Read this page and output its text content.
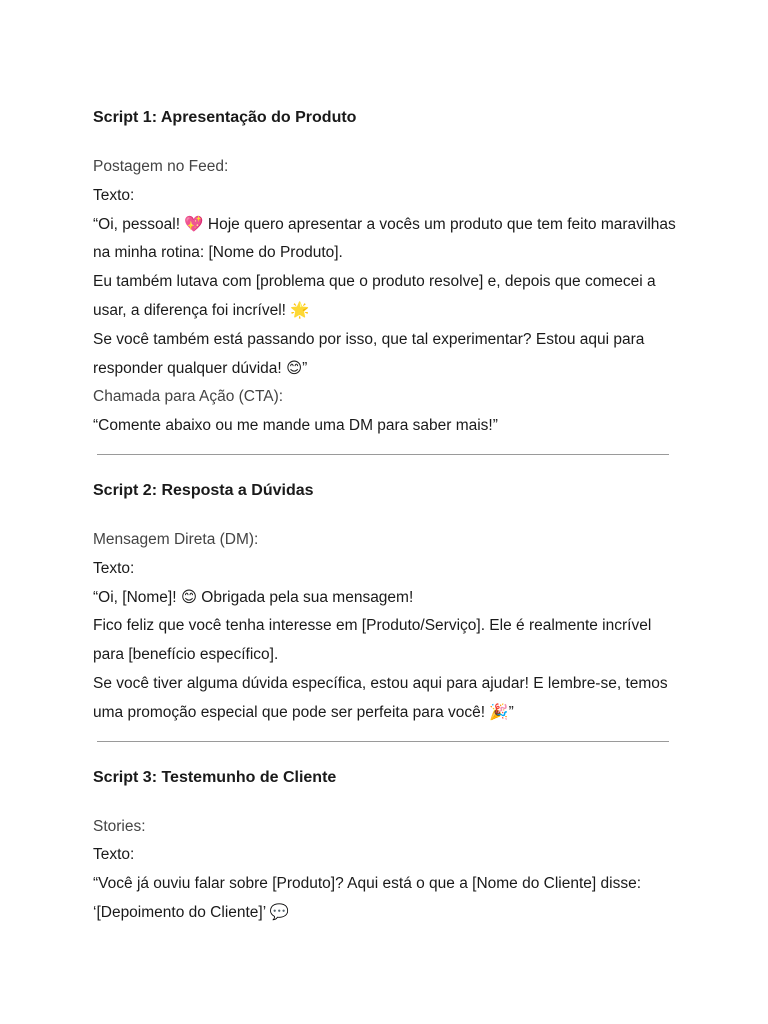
Script 1: Apresentação do Produto

Postagem no Feed:

Texto:

“Oi, pessoal! 💖 Hoje quero apresentar a vocês um produto que tem feito maravilhas

na minha rotina: [Nome do Produto].

Eu também lutava com [problema que o produto resolve] e, depois que comecei a

usar, a diferença foi incrível! 🌟

Se você também está passando por isso, que tal experimentar? Estou aqui para

responder qualquer dúvida! 😊”

Chamada para Ação (CTA):

“Comente abaixo ou me mande uma DM para saber mais!”

Script 2: Resposta a Dúvidas

Mensagem Direta (DM):

Texto:

“Oi, [Nome]! 😊 Obrigada pela sua mensagem!

Fico feliz que você tenha interesse em [Produto/Serviço]. Ele é realmente incrível

para [benefício específico].

Se você tiver alguma dúvida específica, estou aqui para ajudar! E lembre-se, temos

uma promoção especial que pode ser perfeita para você! 🎉”

Script 3: Testemunho de Cliente

Stories:

Texto:

“Você já ouviu falar sobre [Produto]? Aqui está o que a [Nome do Cliente] disse:

‘[Depoimento do Cliente]’ 💬
